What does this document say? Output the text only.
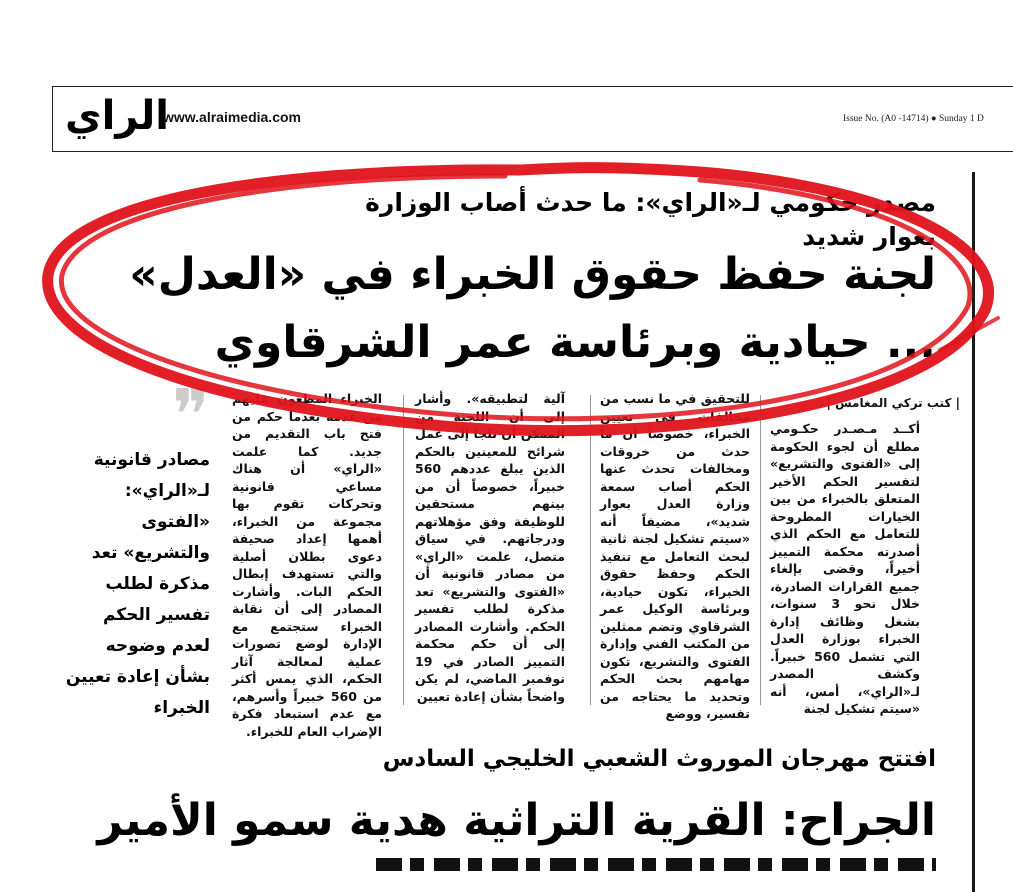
الراي
www.alraimedia.com	Issue No. (A0 -14714) ● Sunday 1 D
مصدر حكومي لـ«الراي»: ما حدث أصاب الوزارة بعوار شديد
لجنة حفظ حقوق الخبراء في «العدل»
... حيادية وبرئاسة عمر الشرقاوي
| كتب تركي المغامس |
أكــد مـصـدر حكـومي مطلع أن لجوء الحكومة إلى «الفتوى والتشريع» لتفسير الحكم الأخير المتعلق بالخبراء من بين الخيارات المطروحة للتعامل مع الحكم الذي أصدرته محكمة التمييز أخيراً، وقضى بإلغاء جميع القرارات الصادرة، خلال نحو 3 سنوات، بشغل وظائف إدارة الخبراء بوزارة العدل التي تشمل 560 خبيراً. وكشف المصدر لـ«الراي»، أمس، أنه «سيتم تشكيل لجنة
للتحقيق في ما نسب من مخالفات في تعيين الخبراء، خصوصاً أن ما حدث من خروقات ومخالفات تحدث عنها الحكم أصاب سمعة وزارة العدل بعوار شديد»، مضيفاً أنه «سيتم تشكيل لجنة ثانية لبحث التعامل مع تنفيذ الحكم وحفظ حقوق الخبراء، تكون حيادية، وبرئاسة الوكيل عمر الشرقاوي وتضم ممثلين من المكتب الفني وإدارة الفتوى والتشريع، تكون مهامهم بحث الحكم وتحديد ما يحتاجه من تفسير، ووضع
آلية لتطبيقه». وأشار إلى أن اللجنة من الممكن أن تلجأ إلى عمل شرائح للمعينين بالحكم الذين يبلغ عددهم 560 خبيراً، خصوصاً أن من بينهم مستحقين للوظيفة وفق مؤهلاتهم ودرجاتهم. في سياق متصل، علمت «الراي» من مصادر قانونية أن «الفتوى والتشريع» تعد مذكرة لطلب تفسير الحكم. وأشارت المصادر إلى أن حكم محكمة التمييز الصادر في 19 نوفمبر الماضي، لم يكن واضحاً بشأن إعادة تعيين
الخبراء المطعون عليهم من عدمه بعدما حكم من فتح باب التقديم من جديد. كما علمت «الراي» أن هناك مساعي قانونية وتحركات تقوم بها مجموعة من الخبراء، أهمها إعداد صحيفة دعوى بطلان أصلية والتي تستهدف إبطال الحكم البات. وأشارت المصادر إلى أن نقابة الخبراء ستجتمع مع الإدارة لوضع تصورات عملية لمعالجة آثار الحكم، الذي يمس أكثر من 560 خبيراً وأسرهم، مع عدم استبعاد فكرة الإضراب العام للخبراء.
❞
مصادر قانونية لـ«الراي»: «الفتوى والتشريع» تعد مذكرة لطلب تفسير الحكم لعدم وضوحه بشأن إعادة تعيين الخبراء
افتتح مهرجان الموروث الشعبي الخليجي السادس
الجراح: القرية التراثية هدية سمو الأمير
